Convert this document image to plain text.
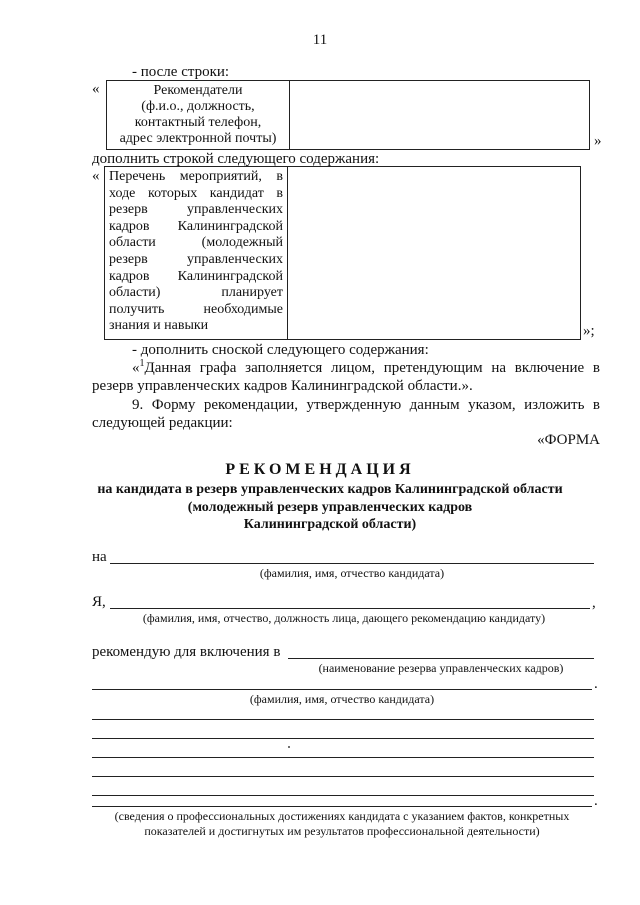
11
- после строки:
«	Рекомендатели
(ф.и.о., должность,
контактный телефон,
адрес электронной почты)	»
дополнить строкой следующего содержания:
« Перечень мероприятий, в
ходе которых кандидат в
резерв управленческих
кадров Калининградской
области (молодежный
резерв управленческих
кадров Калининградской
области) планирует
получить необходимые
знания и навыки	»;
- дополнить сноской следующего содержания:
«$^1$Данная графа заполняется лицом, претендующим на включение в
резерв управленческих кадров Калининградской области.».
9. Форму рекомендации, утвержденную данным указом, изложить в
следующей редакции:
«ФОРМА
РЕКОМЕНДАЦИЯ
на кандидата в резерв управленческих кадров Калининградской области
(молодежный резерв управленческих кадров
Калининградской области)
на
(фамилия, имя, отчество кандидата)
Я,	,
(фамилия, имя, отчество, должность лица, дающего рекомендацию кандидату)
рекомендую для включения в
(наименование резерва управленческих кадров)
.
(фамилия, имя, отчество кандидата)
.
(сведения о профессиональных достижениях кандидата с указанием фактов, конкретных
показателей и достигнутых им результатов профессиональной деятельности)
